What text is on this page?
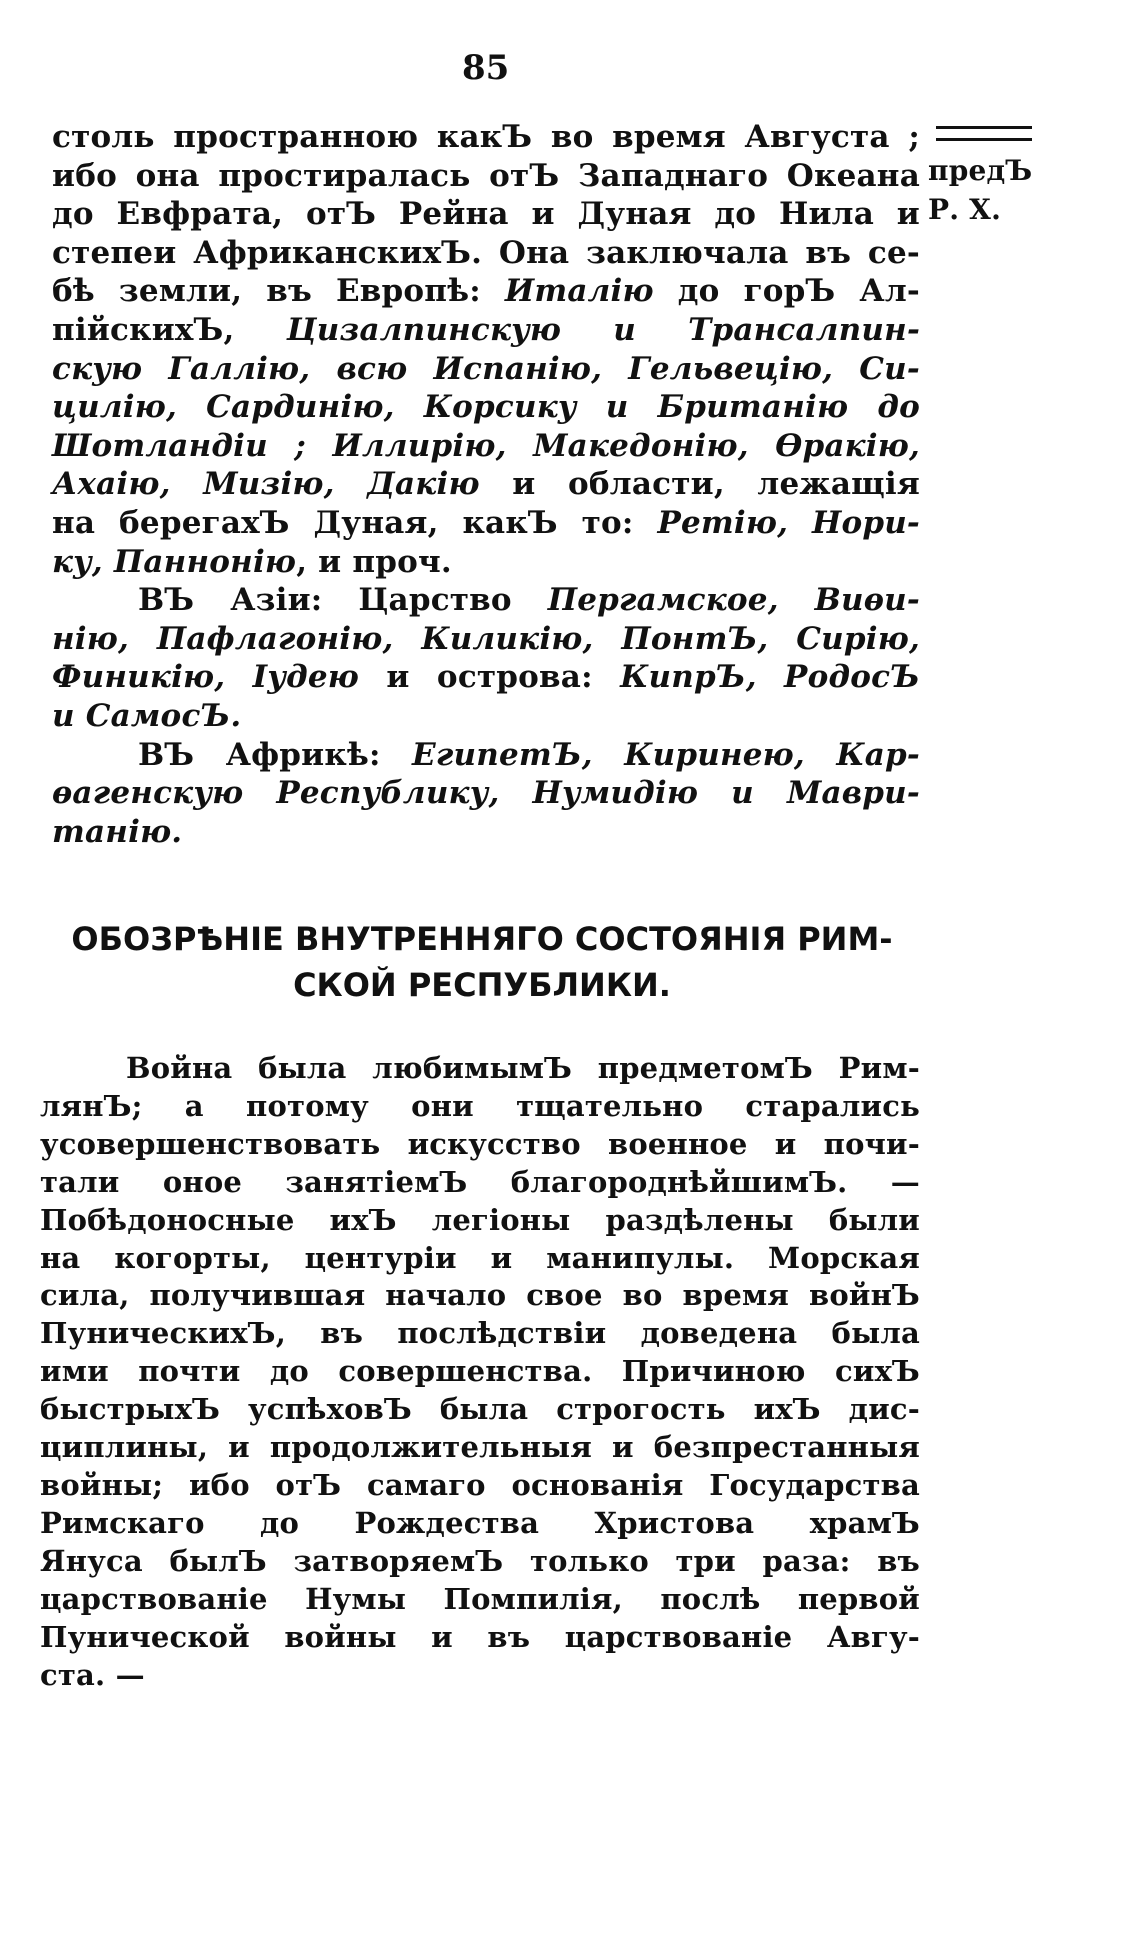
85
предЪ
Р. Х.
столь пространною какЪ во время Августа ;
ибо она простиралась отЪ Западнаго Океана
до Евфрата, отЪ Рейна и Дуная до Нила и
степеи АфриканскихЪ. Она заключала въ се-
бѣ земли, въ Европѣ: Италію до горЪ Ал-
пійскихЪ, Цизалпинскую и Трансалпин-
скую Галлію, всю Испанію, Гельвецію, Си-
цилію, Сардинію, Корсику и Британію до
Шотландіи ; Иллирію, Македонію, Ѳракію,
Ахаію, Мизію, Дакію и области, лежащія
на берегахЪ Дуная, какЪ то: Ретію, Нори-
ку, Паннонію, и проч.
ВЪ Азіи: Царство Пергамское, Виѳи-
нію, Пафлагонію, Киликію, ПонтЪ, Сирію,
Финикію, Іудею и острова: КипрЪ, РодосЪ
и СамосЪ.
ВЪ Африкѣ: ЕгипетЪ, Киринею, Кар-
ѳагенскую Республику, Нумидію и Маври-
танію.
ОБОЗРѢНІЕ ВНУТРЕННЯГО СОСТОЯНІЯ РИМ-
СКОЙ РЕСПУБЛИКИ.
Война была любимымЪ предметомЪ Рим-
лянЪ; а потому они тщательно старались
усовершенствовать искусство военное и почи-
тали оное занятіемЪ благороднѣйшимЪ. —
Побѣдоносные ихЪ легіоны раздѣлены были
на когорты, центуріи и манипулы. Морская
сила, получившая начало свое во время войнЪ
ПуническихЪ, въ послѣдствіи доведена была
ими почти до совершенства. Причиною сихЪ
быстрыхЪ успѣховЪ была строгость ихЪ дис-
циплины, и продолжительныя и безпрестанныя
войны; ибо отЪ самаго основанія Государства
Римскаго до Рождества Христова храмЪ
Януса былЪ затворяемЪ только три раза: въ
царствованіе Нумы Помпилія, послѣ первой
Пунической войны и въ царствованіе Авгу-
ста. —
